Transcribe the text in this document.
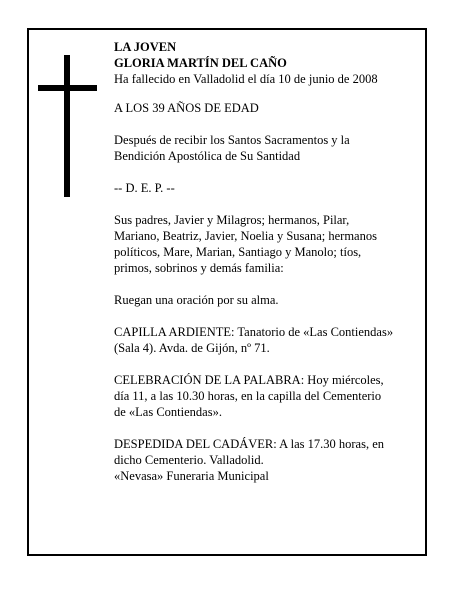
LA JOVEN
GLORIA MARTÍN DEL CAÑO
Ha fallecido en Valladolid el día 10 de junio de 2008

A LOS 39 AÑOS DE EDAD

Después de recibir los Santos Sacramentos y la
Bendición Apostólica de Su Santidad

-- D. E. P. --

Sus padres, Javier y Milagros; hermanos, Pilar,
Mariano, Beatriz, Javier, Noelia y Susana; hermanos
políticos, Mare, Marian, Santiago y Manolo; tíos,
primos, sobrinos y demás familia:

Ruegan una oración por su alma.

CAPILLA ARDIENTE: Tanatorio de «Las Contiendas»
(Sala 4). Avda. de Gijón, nº 71.

CELEBRACIÓN DE LA PALABRA: Hoy miércoles,
día 11, a las 10.30 horas, en la capilla del Cementerio
de «Las Contiendas».

DESPEDIDA DEL CADÁVER: A las 17.30 horas, en
dicho Cementerio. Valladolid.
«Nevasa» Funeraria Municipal
